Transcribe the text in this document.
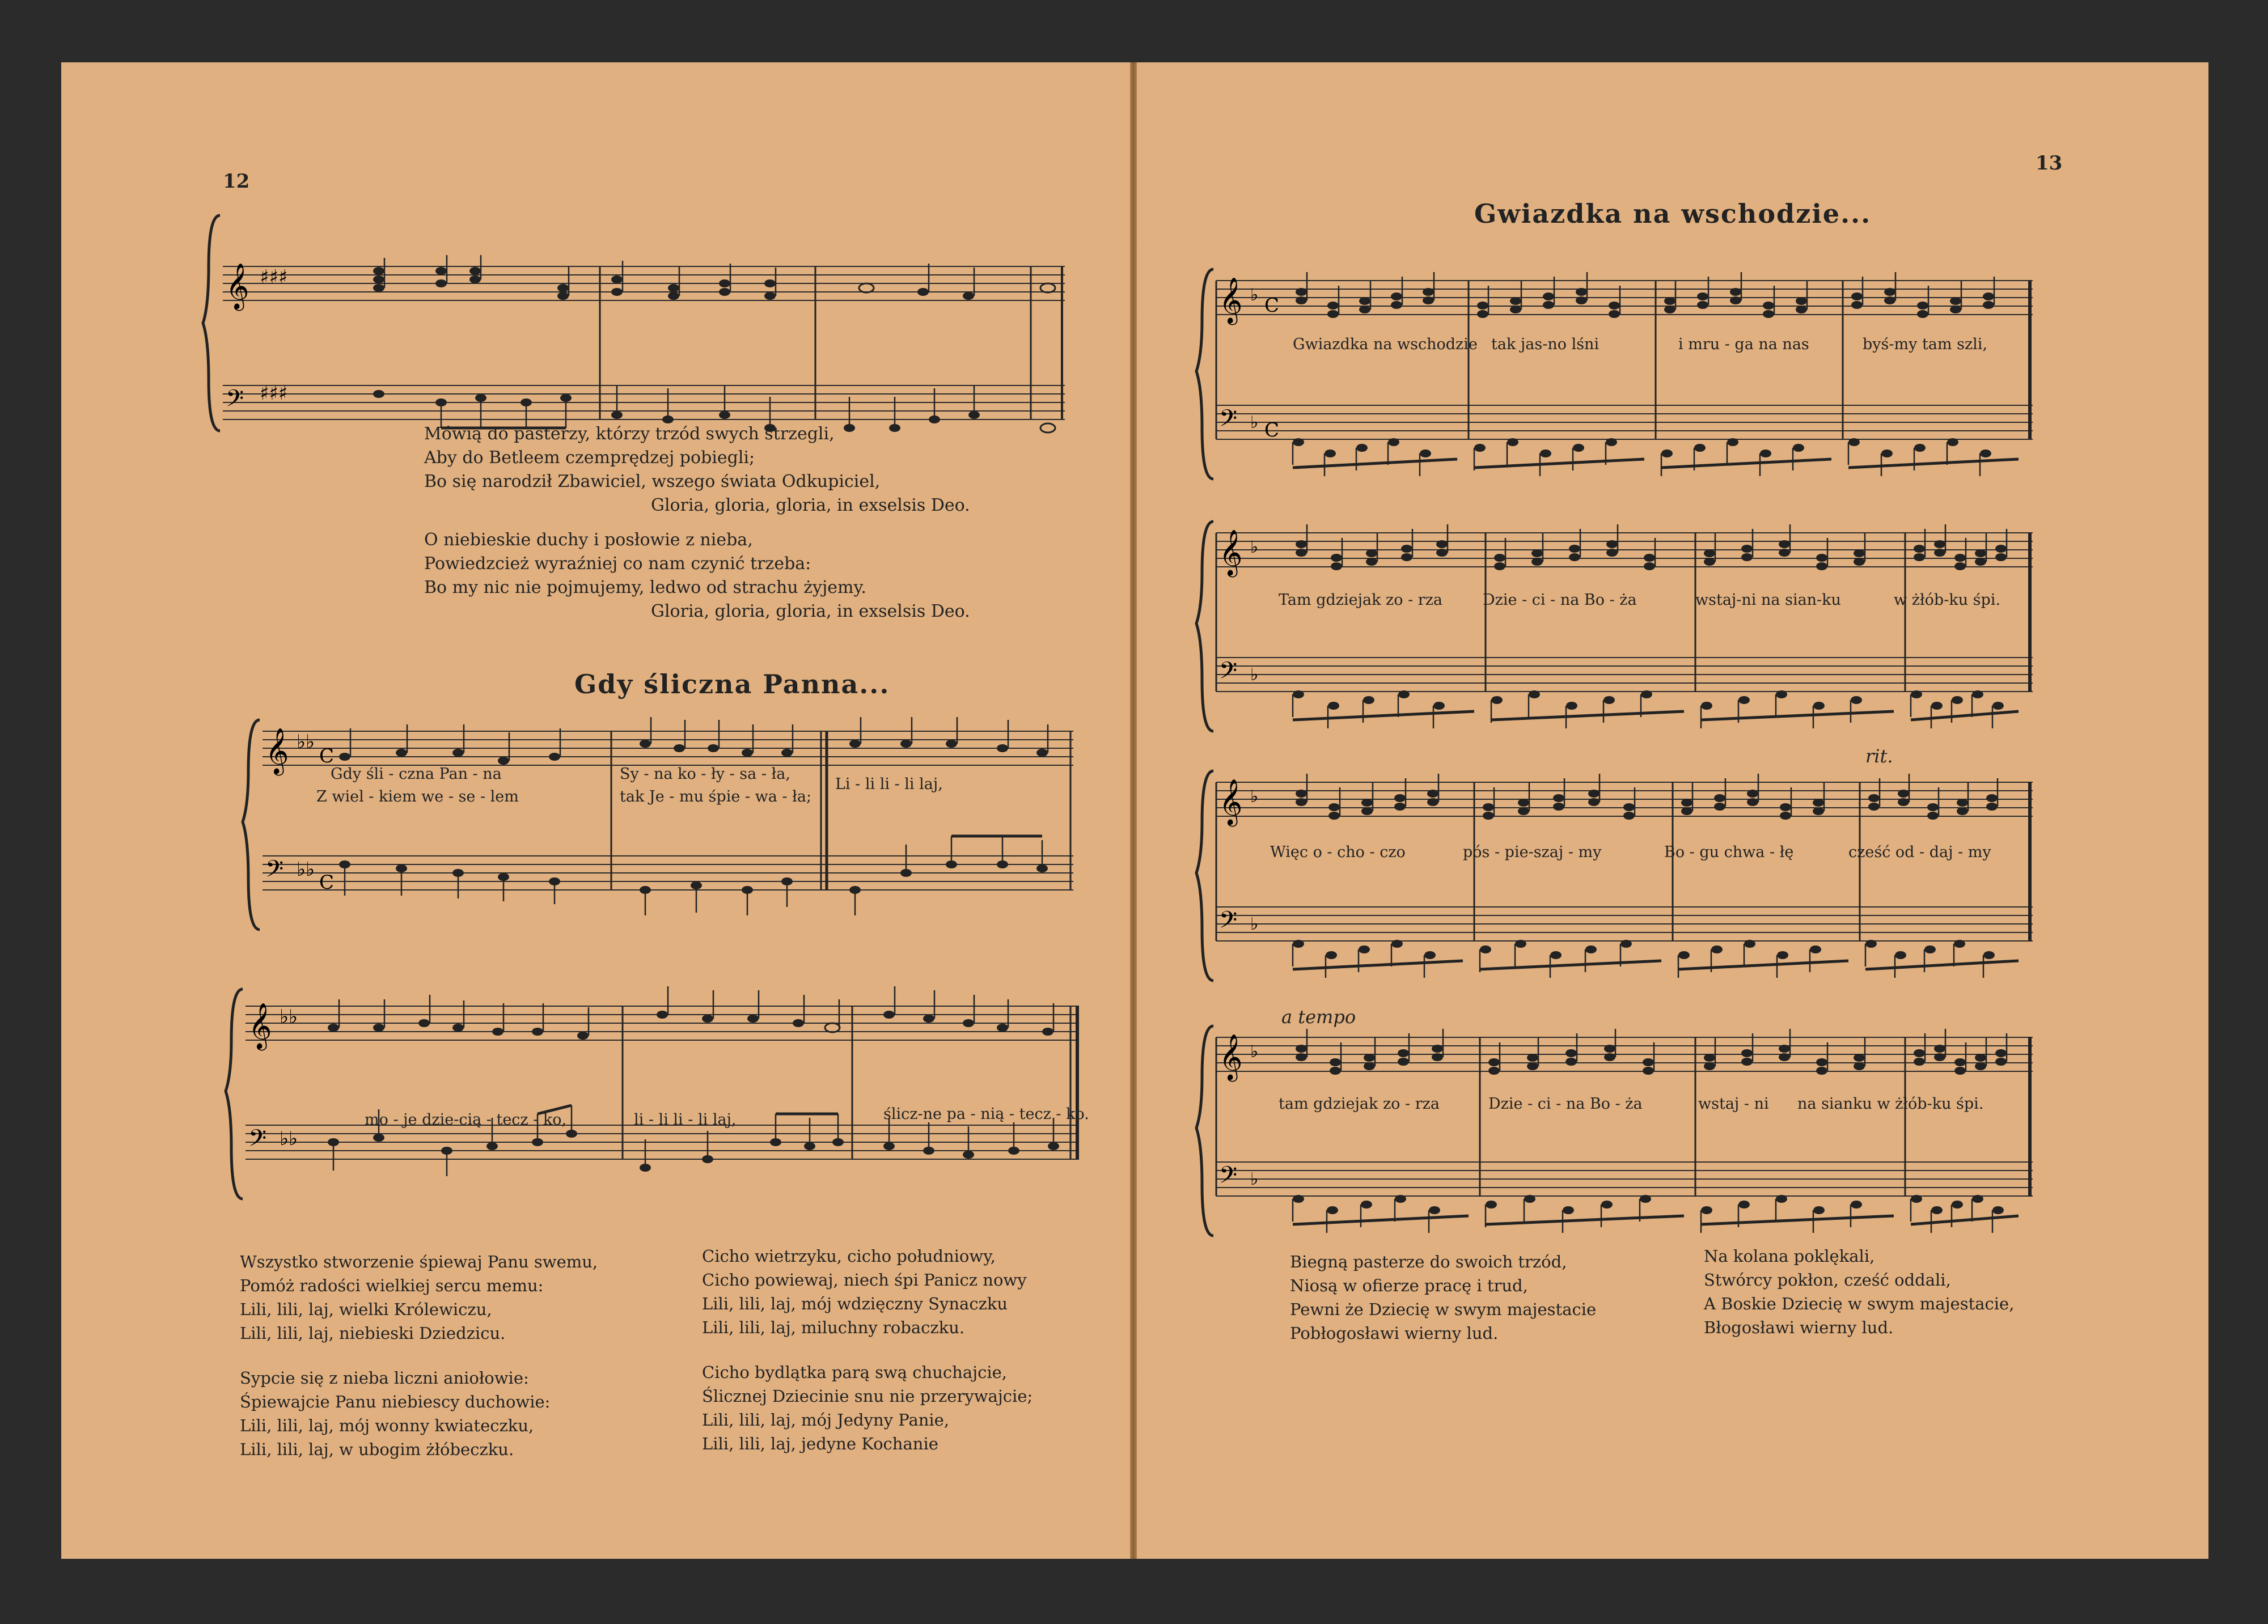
12
𝄞
𝄢
♯♯♯
♯♯♯
Mówią do pasterzy, którzy trzód swych strzegli,
Aby do Betleem czemprędzej pobiegli;
Bo się narodził Zbawiciel, wszego świata Odkupiciel,
Gloria, gloria, gloria, in exselsis Deo.
O niebieskie duchy i posłowie z nieba,
Powiedzcież wyraźniej co nam czynić trzeba:
Bo my nic nie pojmujemy, ledwo od strachu żyjemy.
Gloria, gloria, gloria, in exselsis Deo.
Gdy śliczna Panna...
𝄞
𝄢
♭♭
C
♭♭
C
Gdy śli - czna Pan - na
Z wiel - kiem we - se - lem
Sy - na ko - ły - sa - ła,
tak Je - mu śpie - wa - ła;
Li - li li - li laj,
𝄞
𝄢
♭♭
♭♭
mo - je dzie-cią - tecz - ko,	li - li li - li laj,	ślicz-ne pa - nią - tecz - ko.
Wszystko stworzenie śpiewaj Panu swemu,
Pomóż radości wielkiej sercu memu:
Lili, lili, laj, wielki Królewiczu,
Lili, lili, laj, niebieski Dziedzicu.
Sypcie się z nieba liczni aniołowie:
Śpiewajcie Panu niebiescy duchowie:
Lili, lili, laj, mój wonny kwiateczku,
Lili, lili, laj, w ubogim żłóbeczku.
Cicho wietrzyku, cicho południowy,
Cicho powiewaj, niech śpi Panicz nowy
Lili, lili, laj, mój wdzięczny Synaczku
Lili, lili, laj, miluchny robaczku.
Cicho bydlątka parą swą chuchajcie,
Ślicznej Dziecinie snu nie przerywajcie;
Lili, lili, laj, mój Jedyny Panie,
Lili, lili, laj, jedyne Kochanie
13
Gwiazdka na wschodzie...
𝄞
𝄢
♭
♭
C
C
𝄞
𝄢
♭
♭
𝄞
𝄢
♭
♭
𝄞
𝄢
♭
♭
Gwiazdka na wschodzie tak jas-no lśni	i mru - ga na nas	byś-my tam szli,
Tam gdziejak zo - rza	Dzie - ci - na Bo - ża	wstaj-ni na sian-ku	w żłób-ku śpi.
rit.
Więc o - cho - czo	pós - pie-szaj - my	Bo - gu chwa - łę	cześć od - daj - my
a tempo
tam gdziejak zo - rza	Dzie - ci - na Bo - ża	wstaj - ni na sianku w żłób-ku śpi.
Biegną pasterze do swoich trzód,
Niosą w ofierze pracę i trud,
Pewni że Dziecię w swym majestacie
Pobłogosławi wierny lud.
Na kolana poklękali,
Stwórcy pokłon, cześć oddali,
A Boskie Dziecię w swym majestacie,
Błogosławi wierny lud.
